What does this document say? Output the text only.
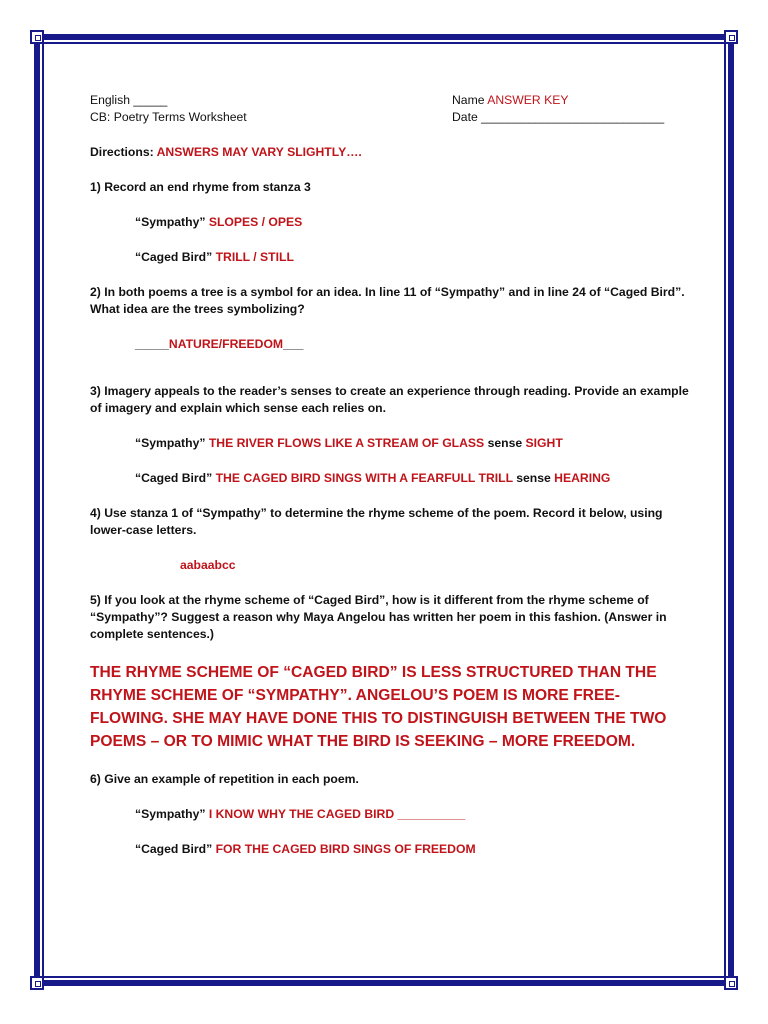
English _____	Name ANSWER KEY
CB: Poetry Terms Worksheet	Date ___________________________

Directions: ANSWERS MAY VARY SLIGHTLY….

1) Record an end rhyme from stanza 3

“Sympathy” SLOPES / OPES

“Caged Bird” TRILL / STILL

2) In both poems a tree is a symbol for an idea. In line 11 of “Sympathy” and in line 24 of “Caged Bird”. What idea are the trees symbolizing?

_____NATURE/FREEDOM___

3) Imagery appeals to the reader’s senses to create an experience through reading. Provide an example of imagery and explain which sense each relies on.

“Sympathy” THE RIVER FLOWS LIKE A STREAM OF GLASS sense SIGHT

“Caged Bird” THE CAGED BIRD SINGS WITH A FEARFULL TRILL sense HEARING

4) Use stanza 1 of “Sympathy” to determine the rhyme scheme of the poem. Record it below, using lower-case letters.

aabaabcc

5) If you look at the rhyme scheme of “Caged Bird”, how is it different from the rhyme scheme of “Sympathy”? Suggest a reason why Maya Angelou has written her poem in this fashion. (Answer in complete sentences.)

THE RHYME SCHEME OF “CAGED BIRD” IS LESS STRUCTURED THAN THE RHYME SCHEME OF “SYMPATHY”. ANGELOU’S POEM IS MORE FREE-FLOWING. SHE MAY HAVE DONE THIS TO DISTINGUISH BETWEEN THE TWO POEMS – OR TO MIMIC WHAT THE BIRD IS SEEKING – MORE FREEDOM.

6) Give an example of repetition in each poem.

“Sympathy” I KNOW WHY THE CAGED BIRD __________

“Caged Bird” FOR THE CAGED BIRD SINGS OF FREEDOM
